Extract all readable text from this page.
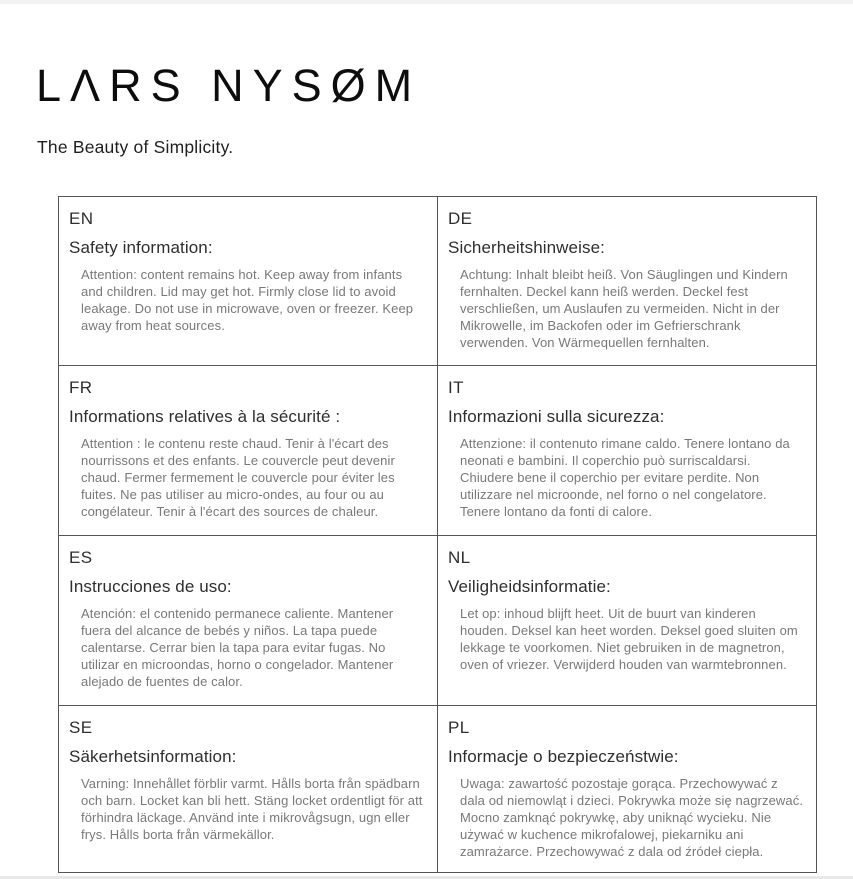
LΛRS NYSØM
The Beauty of Simplicity.
EN
Safety information:
Attention: content remains hot. Keep away from infants and children. Lid may get hot. Firmly close lid to avoid leakage. Do not use in microwave, oven or freezer. Keep away from heat sources.
DE
Sicherheitshinweise:
Achtung: Inhalt bleibt heiß. Von Säuglingen und Kindern fernhalten. Deckel kann heiß werden. Deckel fest verschließen, um Auslaufen zu vermeiden. Nicht in der Mikrowelle, im Backofen oder im Gefrierschrank verwenden. Von Wärmequellen fernhalten.
FR
Informations relatives à la sécurité :
Attention : le contenu reste chaud. Tenir à l'écart des nourrissons et des enfants. Le couvercle peut devenir chaud. Fermer fermement le couvercle pour éviter les fuites. Ne pas utiliser au micro-ondes, au four ou au congélateur. Tenir à l'écart des sources de chaleur.
IT
Informazioni sulla sicurezza:
Attenzione: il contenuto rimane caldo. Tenere lontano da neonati e bambini. Il coperchio può surriscaldarsi. Chiudere bene il coperchio per evitare perdite. Non utilizzare nel microonde, nel forno o nel congelatore. Tenere lontano da fonti di calore.
ES
Instrucciones de uso:
Atención: el contenido permanece caliente. Mantener fuera del alcance de bebés y niños. La tapa puede calentarse. Cerrar bien la tapa para evitar fugas. No utilizar en microondas, horno o congelador. Mantener alejado de fuentes de calor.
NL
Veiligheidsinformatie:
Let op: inhoud blijft heet. Uit de buurt van kinderen houden. Deksel kan heet worden. Deksel goed sluiten om lekkage te voorkomen. Niet gebruiken in de magnetron, oven of vriezer. Verwijderd houden van warmtebronnen.
SE
Säkerhetsinformation:
Varning: Innehållet förblir varmt. Hålls borta från spädbarn och barn. Locket kan bli hett. Stäng locket ordentligt för att förhindra läckage. Använd inte i mikrovågsugn, ugn eller frys. Hålls borta från värmekällor.
PL
Informacje o bezpieczeństwie:
Uwaga: zawartość pozostaje gorąca. Przechowywać z dala od niemowląt i dzieci. Pokrywka może się nagrzewać. Mocno zamknąć pokrywkę, aby uniknąć wycieku. Nie używać w kuchence mikrofalowej, piekarniku ani zamrażarce. Przechowywać z dala od źródeł ciepła.
